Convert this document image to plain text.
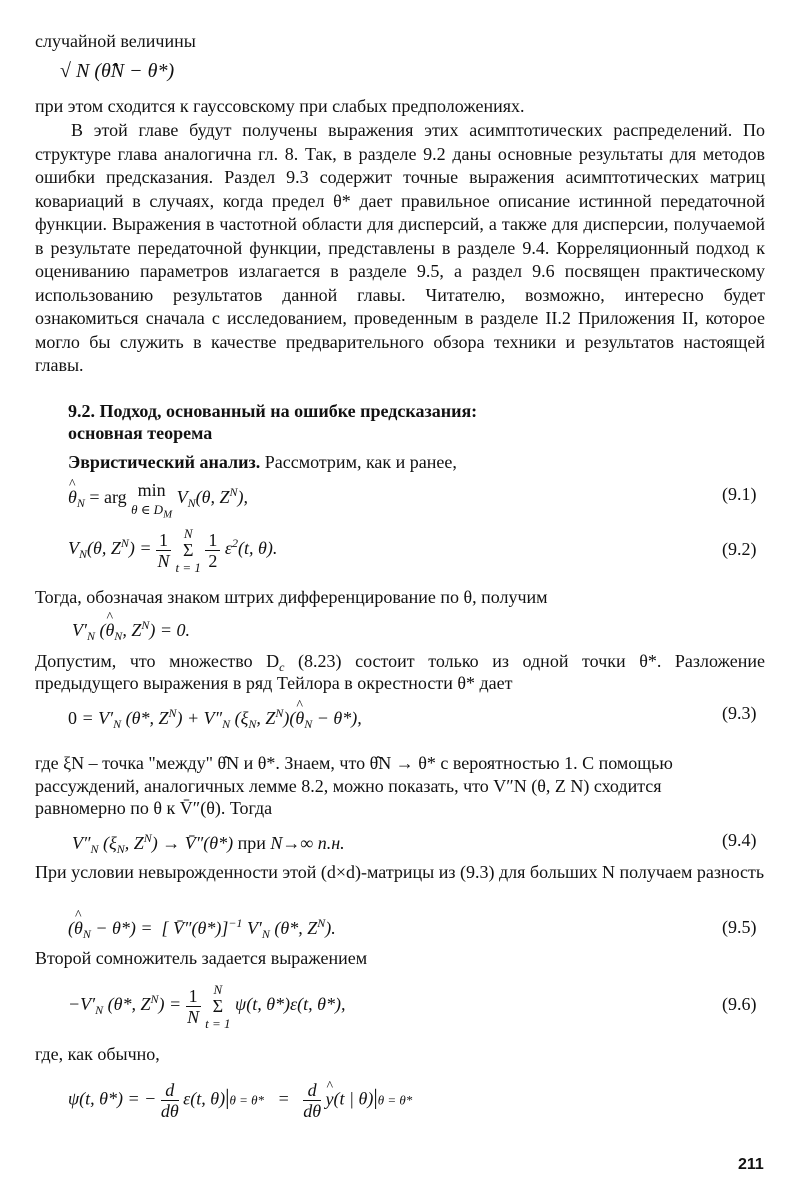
случайной величины

√ N (θ̂N − θ*)

при этом сходится к гауссовскому при слабых предположениях.

В этой главе будут получены выражения этих асимптотических распределений. По структуре глава аналогична гл. 8. Так, в разделе 9.2 даны основные результаты для методов ошибки предсказания. Раздел 9.3 содержит точные выражения асимптотических матриц ковариаций в случаях, когда предел θ* дает правильное описание истинной передаточной функции. Выражения в частотной области для дисперсий, а также для дисперсии, получаемой в результате передаточной функции, представлены в разделе 9.4. Корреляционный подход к оцениванию параметров излагается в разделе 9.5, а раздел 9.6 посвящен практическому использованию результатов данной главы. Читателю, возможно, интересно будет ознакомиться сначала с исследованием, проведенным в разделе II.2 Приложения II, которое могло бы служить в качестве предварительного обзора техники и результатов настоящей главы.

9.2. Подход, основанный на ошибке предсказания:

основная теорема

Эвристический анализ. Рассмотрим, как и ранее,

^ $\theta_N$ = arg min
θ ∈ $D_M$ $V_N(\theta$, $Z^N$),	(9.1)
$V_N(\theta$, $Z^N) = \frac{1}{N}$ N
Σ
$t = 1 \frac{1}{2} \varepsilon^2(t$, θ).	(9.2)

Тогда, обозначая знаком штрих дифференцирование по θ, получим

$V'_N$ (^ $\theta_N$, $Z^N) = 0$.

Допустим, что множество $D_c$ (8.23) состоит только из одной точки θ*. Разложение

предыдущего выражения в ряд Тейлора в окрестности θ* дает

$0 = V'_N$ (θ*, $Z^N) + V''_N$ ($\xi_N$, $Z^N)(\^{}$ $\theta_N - \theta*$),	(9.3)

где ξN – точка "между" θ̂N и θ*. Знаем, что θ̂N → θ* с вероятностью 1. С помощью

рассуждений, аналогичных лемме 8.2, можно показать, что V″N (θ, Z N) сходится

равномерно по θ к V̄″(θ). Тогда

$V''_N$ ($\xi_N$, $Z^N$) → V̄″(θ*) при N→∞ п.н.	(9.4)

При условии невырожденности этой (d×d)-матрицы из (9.3) для больших N получаем разность

(^ $\theta_N - \theta*$) =  [ V̄″(θ*)]$^{-1}$ $V'_N$ (θ*, $Z^N$).	(9.5)

Второй сомножитель задается выражением

$-V'_N$ (θ*, $Z^N) = \frac{1}{N}$ N
Σ
t = 1 ψ(t, θ*)ε(t, θ*),	(9.6)

где, как обычно,

ψ(t, θ*) = − $\frac{d}{d\theta} \varepsilon(t$, $\theta)|\theta = \theta* = \frac{d}{d\theta}$
^ y(t | θ)|θ = θ*
211
